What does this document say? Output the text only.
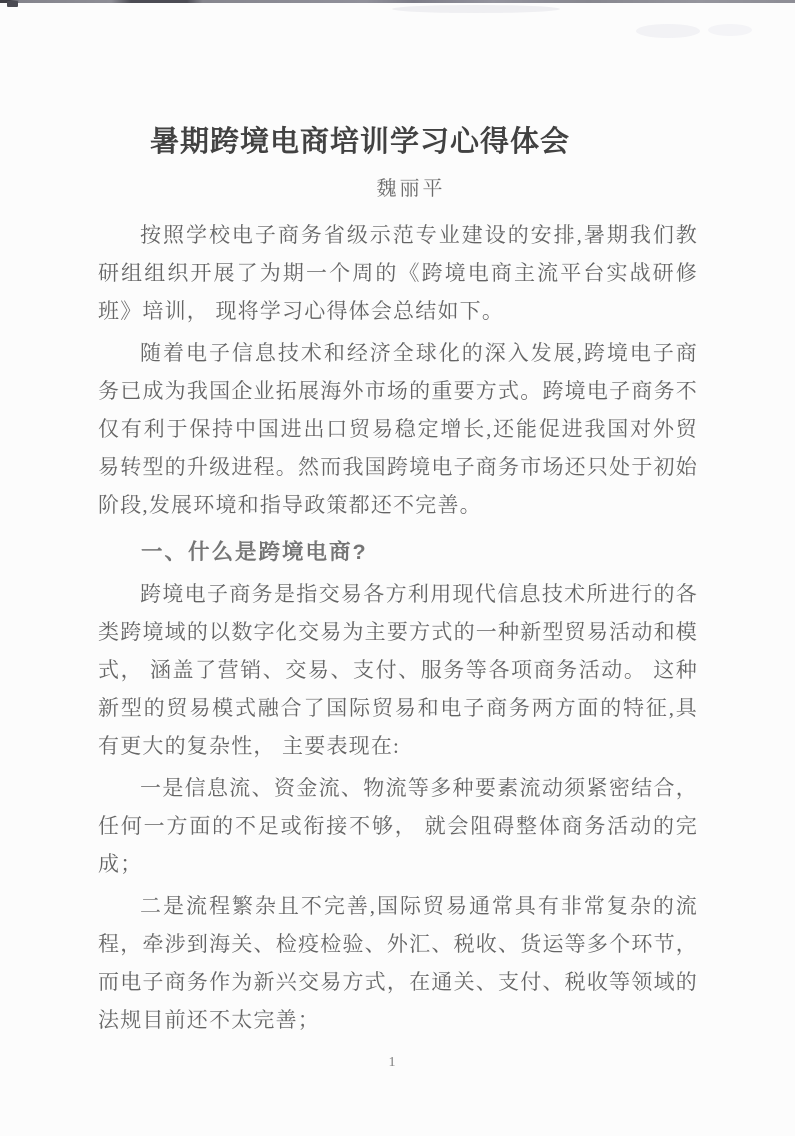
暑期跨境电商培训学习心得体会
魏丽平
按照学校电子商务省级示范专业建设的安排,暑期我们教研组组织开展了为期一个周的《跨境电商主流平台实战研修班》培训， 现将学习心得体会总结如下。
随着电子信息技术和经济全球化的深入发展,跨境电子商务已成为我国企业拓展海外市场的重要方式。跨境电子商务不仅有利于保持中国进出口贸易稳定增长,还能促进我国对外贸易转型的升级进程。然而我国跨境电子商务市场还只处于初始阶段,发展环境和指导政策都还不完善。
一、什么是跨境电商?
跨境电子商务是指交易各方利用现代信息技术所进行的各类跨境域的以数字化交易为主要方式的一种新型贸易活动和模式， 涵盖了营销、交易、支付、服务等各项商务活动。 这种新型的贸易模式融合了国际贸易和电子商务两方面的特征,具有更大的复杂性， 主要表现在:
一是信息流、资金流、物流等多种要素流动须紧密结合， 任何一方面的不足或衔接不够， 就会阻碍整体商务活动的完成；
二是流程繁杂且不完善,国际贸易通常具有非常复杂的流程，牵涉到海关、检疫检验、外汇、税收、货运等多个环节，而电子商务作为新兴交易方式，在通关、支付、税收等领域的法规目前还不太完善；
1
